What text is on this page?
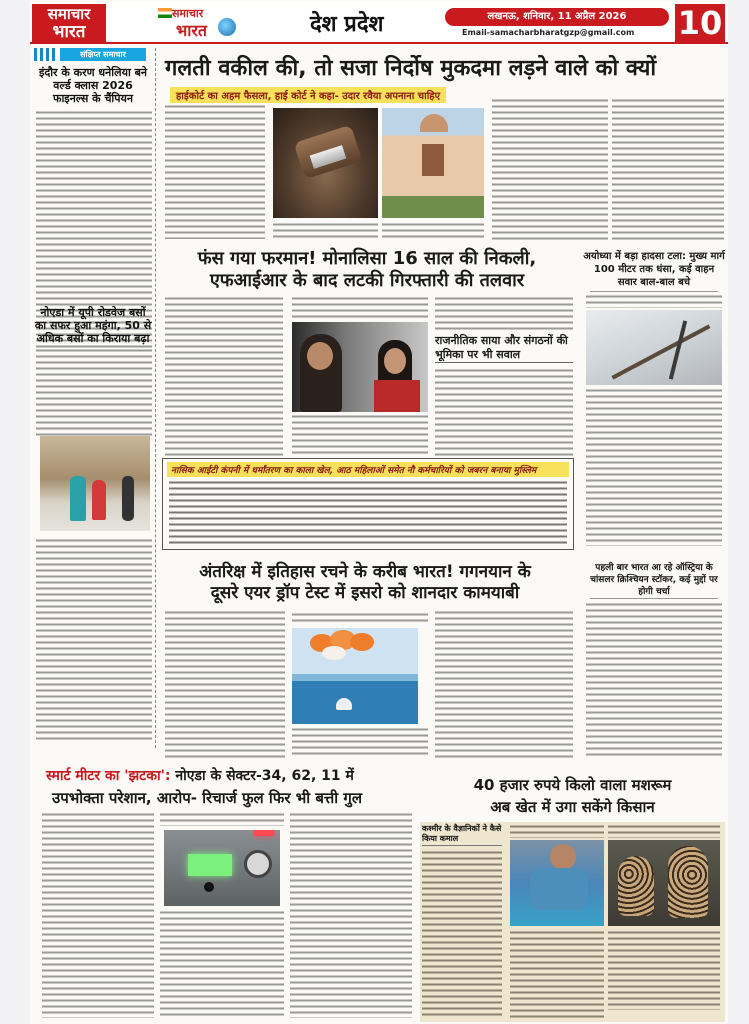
समाचार
भारत
समाचार
भारत	देश प्रदेश	लखनऊ, शनिवार, 11 अप्रैल 2026
Email-samacharbharatgzp@gmail.com 10
संक्षिप्त समाचार
इंदौर के करण धनेलिया बने वर्ल्ड क्लास 2026 फाइनल्स के चैंपियन
नोएडा में यूपी रोडवेज बसों का सफर हुआ महंगा, 50 से अधिक बसों का किराया बढ़ा
गलती वकील की, तो सजा निर्दोष मुकदमा लड़ने वाले को क्यों
हाईकोर्ट का अहम फैसला, हाई कोर्ट ने कहा- उदार रवैया अपनाना चाहिए
फंस गया फरमान! मोनालिसा 16 साल की निकली,
एफआईआर के बाद लटकी गिरफ्तारी की तलवार
राजनीतिक साया और संगठनों की भूमिका पर भी सवाल
अयोध्या में बड़ा हादसा टला: मुख्य मार्ग 100 मीटर तक धंसा, कई वाहन सवार बाल-बाल बचे
नासिक आईटी कंपनी में धर्मांतरण का काला खेल, आठ महिलाओं समेत नौ कर्मचारियों को जबरन बनाया मुस्लिम
अंतरिक्ष में इतिहास रचने के करीब भारत! गगनयान के
दूसरे एयर ड्रॉप टेस्ट में इसरो को शानदार कामयाबी
पहली बार भारत आ रहे ऑस्ट्रिया के चांसलर क्रिश्चियन स्टॉकर, कई मुद्दों पर होगी चर्चा
स्मार्ट मीटर का 'झटका': नोएडा के सेक्टर-34, 62, 11 में
उपभोक्ता परेशान, आरोप- रिचार्ज फुल फिर भी बत्ती गुल
40 हजार रुपये किलो वाला मशरूम
अब खेत में उगा सकेंगे किसान
कश्मीर के वैज्ञानिकों ने कैसे किया कमाल
